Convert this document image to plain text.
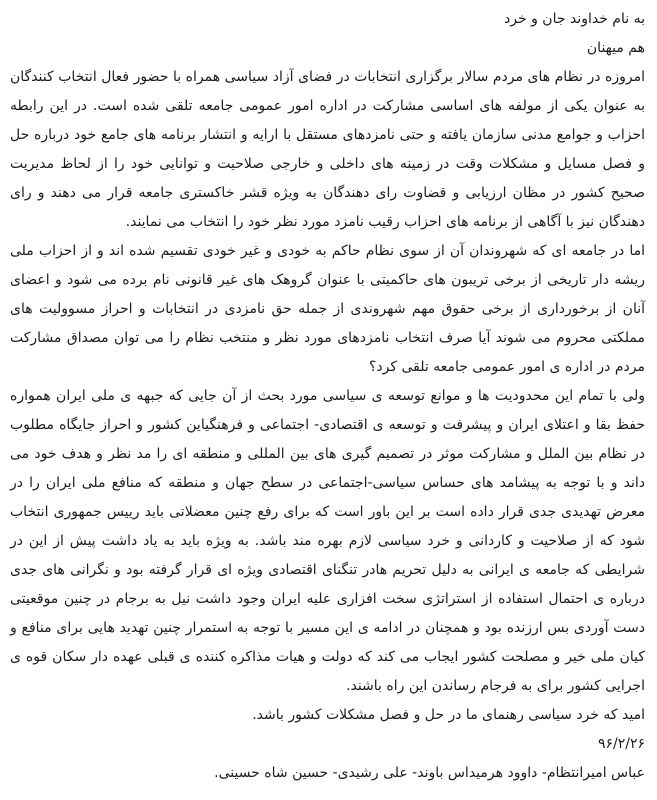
به نام خداوند جان و خرد

هم میهنان

امروزه در نظام های مردم سالار برگزاری انتخابات در فضای آزاد سیاسی همراه با حضور فعال انتخاب کنندگان به عنوان یکی از مولفه های اساسی مشارکت در اداره امور عمومی جامعه تلقی شده است. در این رابطه احزاب و جوامع مدنی سازمان یافته و حتی نامزدهای مستقل با ارایه و انتشار برنامه های جامع خود درباره حل و فصل مسایل و مشکلات وقت در زمینه های داخلی و خارجی صلاحیت و توانایی خود را از لحاظ مدیریت صحیح کشور در مظان ارزیابی و قضاوت رای دهندگان به ویژه قشر خاکستری جامعه قرار می دهند و رای دهندگان نیز با آگاهی از برنامه های احزاب رقیب نامزد مورد نظر خود را انتخاب می نمایند.

اما در جامعه ای که شهروندان آن از سوی نظام حاکم به خودی و غیر خودی تقسیم شده اند و از احزاب ملی ریشه دار تاریخی از برخی تریبون های حاکمیتی با عنوان گروهک های غیر قانونی نام برده می شود و اعضای آنان از برخورداری از برخی حقوق مهم شهروندی از جمله حق نامزدی در انتخابات و احراز مسوولیت های مملکتی محروم می شوند آیا صرف انتخاب نامزدهای مورد نظر و منتخب نظام را می توان مصداق مشارکت مردم در اداره ی امور عمومی جامعه تلقی کرد؟

ولی با تمام این محدودیت ها و موانع توسعه ی سیاسی مورد بحث از آن جایی که جبهه ی ملی ایران همواره حفظ بقا و اعتلای ایران و پیشرفت و توسعه ی اقتصادی- اجتماعی و فرهنگیاین کشور و احراز جایگاه مطلوب در نظام بین الملل و مشارکت موثر در تصمیم گیری های بین المللی و منطقه ای را مد نظر و هدف خود می داند و با توجه به پیشامد های حساس سیاسی-اجتماعی در سطح جهان و منطقه که منافع ملی ایران را در معرض تهدیدی جدی قرار داده است بر این باور است که برای رفع چنین معضلاتی باید رییس جمهوری انتخاب شود که از صلاحیت و کاردانی و خرد سیاسی لازم بهره مند باشد. به ویژه باید به یاد داشت پیش از این در شرایطی که جامعه ی ایرانی به دلیل تحریم هادر تنگنای اقتصادی ویژه ای قرار گرفته بود و نگرانی های جدی درباره ی احتمال استفاده از استراتژی سخت افزاری علیه ایران وجود داشت نیل به برجام در چنین موقعیتی دست آوردی بس ارزنده بود و همچنان در ادامه ی این مسیر با توجه به استمرار چنین تهدید هایی برای منافع و کیان ملی خیر و مصلحت کشور ایجاب می کند که دولت و هیات مذاکره کننده ی قبلی عهده دار سکان قوه ی اجرایی کشور برای به فرجام رساندن این راه باشند.

امید که خرد سیاسی رهنمای ما در حل و فصل مشکلات کشور باشد.

۹۶/۲/۲۶

عباس امیرانتظام- داوود هرمیداس باوند- علی رشیدی- حسین شاه حسینی.
